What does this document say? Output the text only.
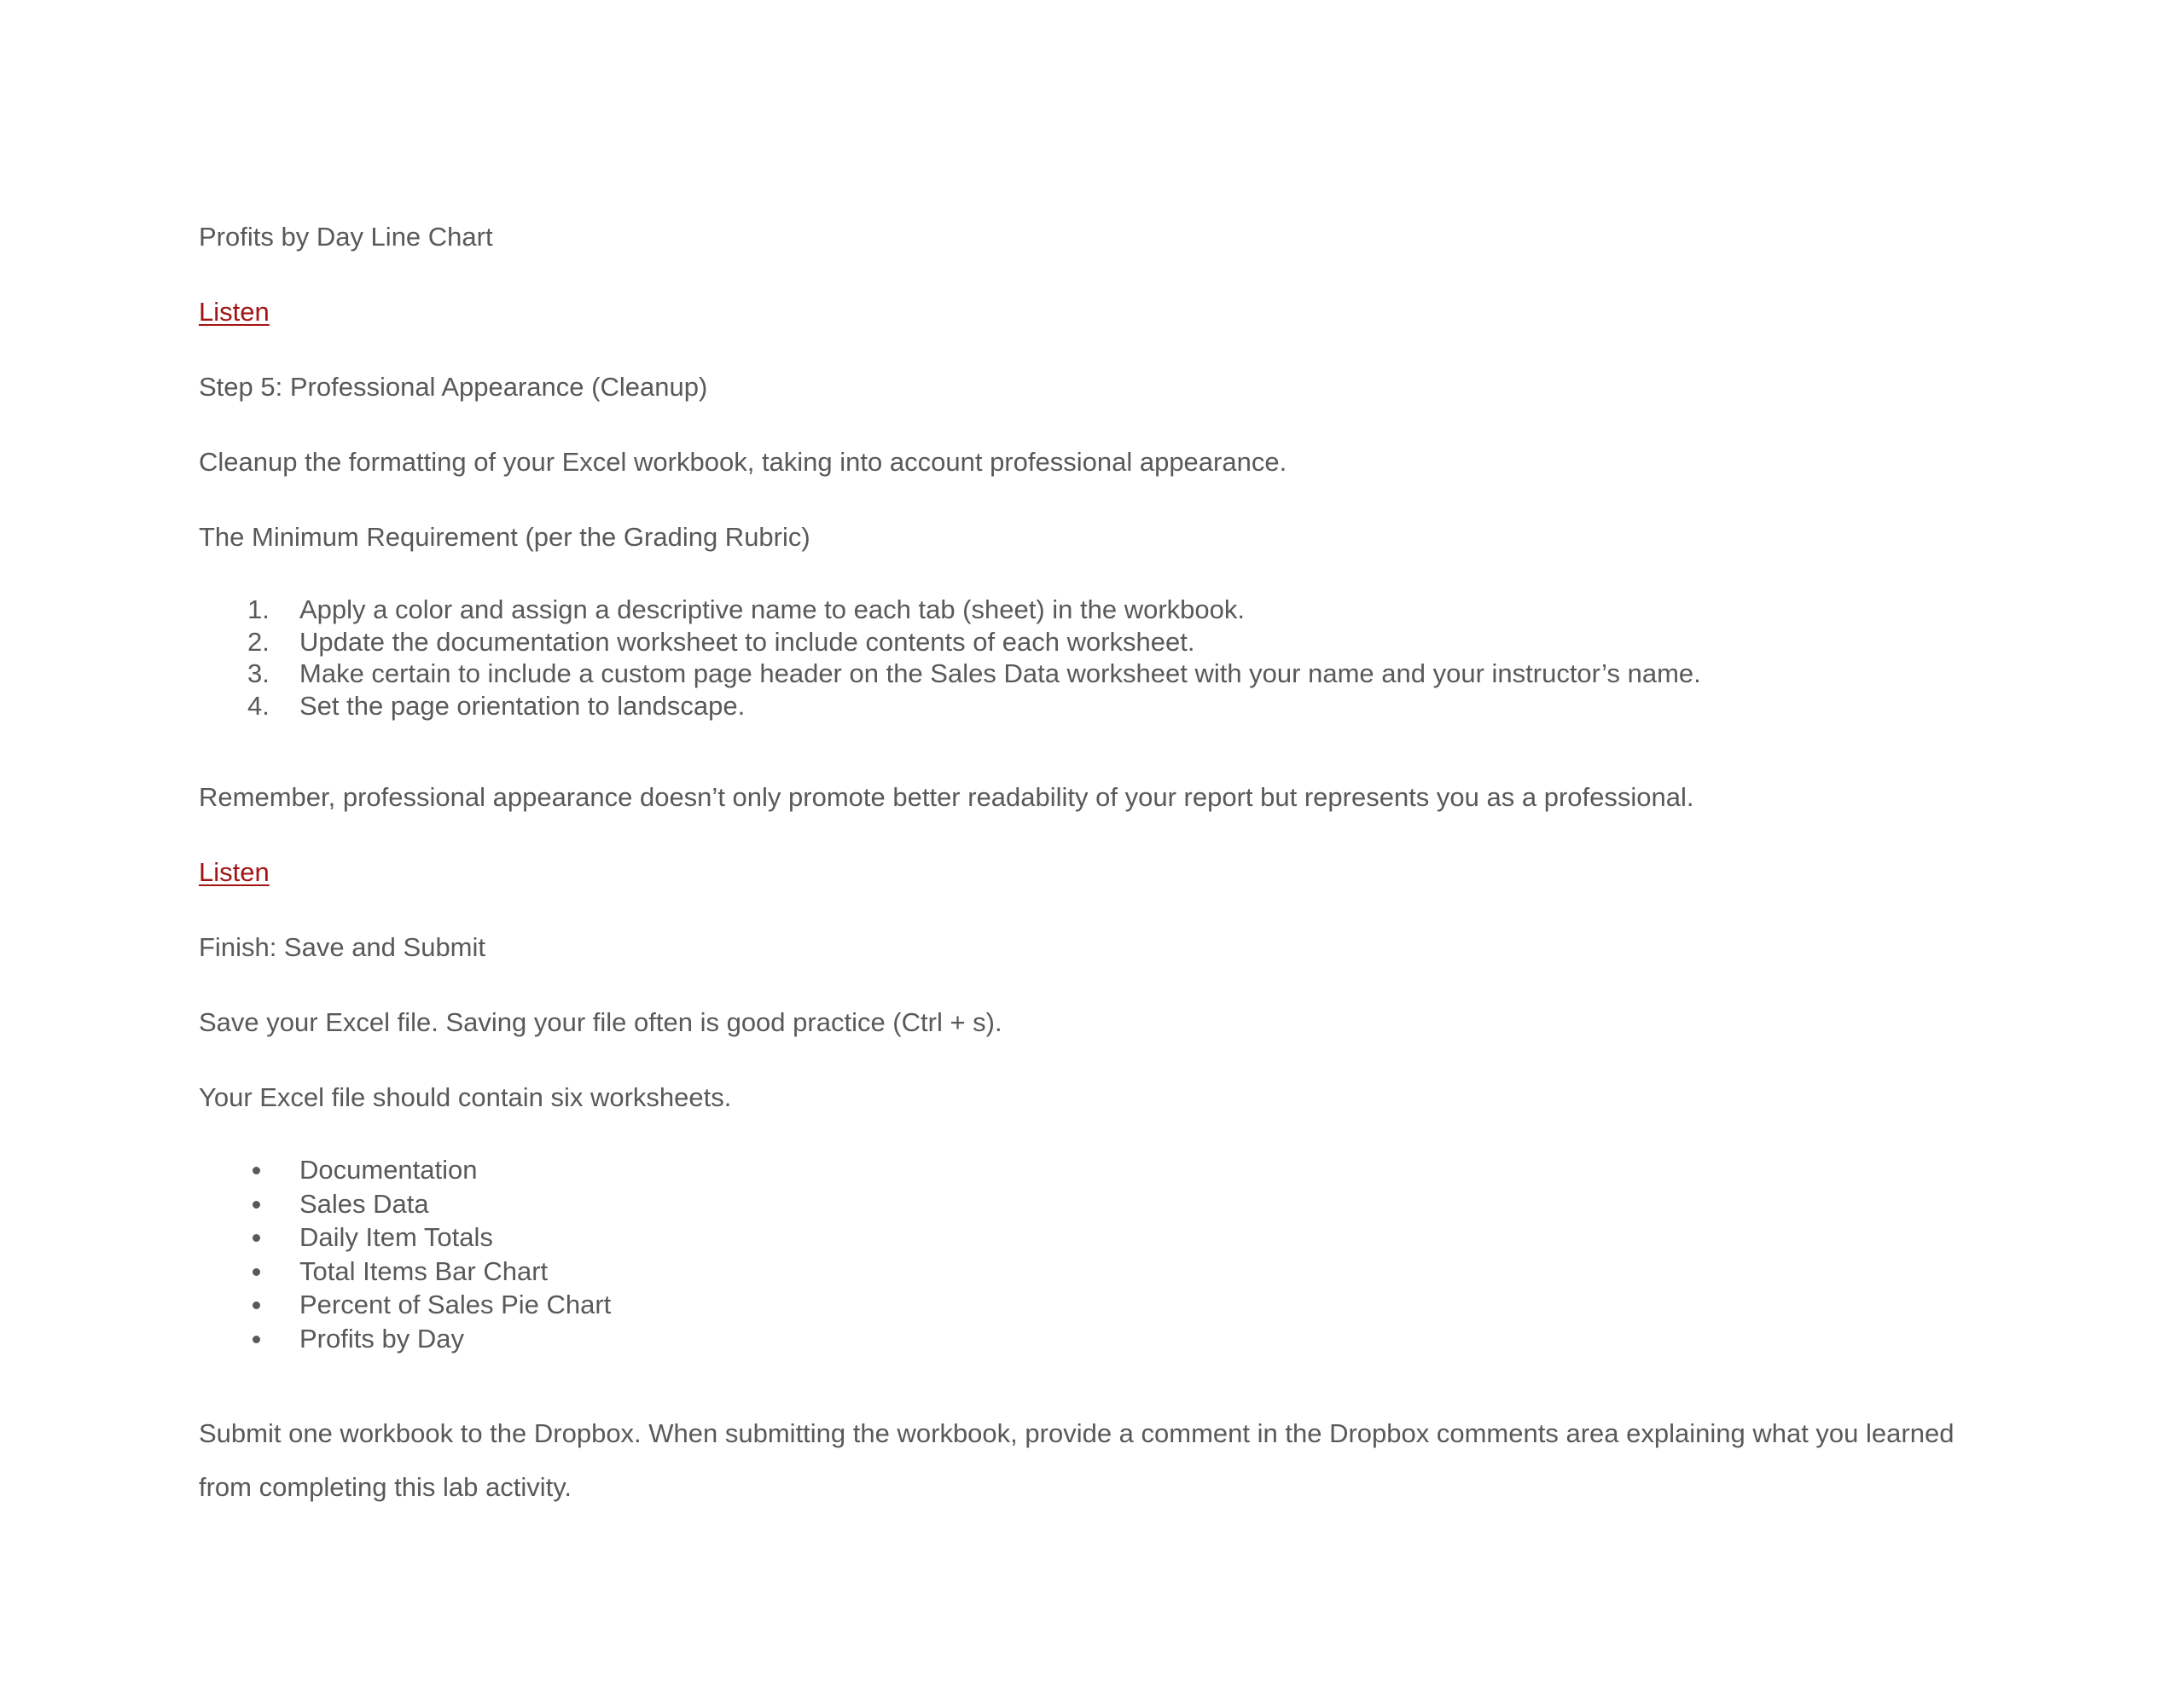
Profits by Day Line Chart

Listen

Step 5: Professional Appearance (Cleanup)

Cleanup the formatting of your Excel workbook, taking into account professional appearance.

The Minimum Requirement (per the Grading Rubric)

1. Apply a color and assign a descriptive name to each tab (sheet) in the workbook.
2. Update the documentation worksheet to include contents of each worksheet.
3. Make certain to include a custom page header on the Sales Data worksheet with your name and your instructor’s name.
4. Set the page orientation to landscape.

Remember, professional appearance doesn’t only promote better readability of your report but represents you as a professional.

Listen

Finish: Save and Submit

Save your Excel file. Saving your file often is good practice (Ctrl + s).

Your Excel file should contain six worksheets.

Documentation
Sales Data
Daily Item Totals
Total Items Bar Chart
Percent of Sales Pie Chart
Profits by Day

Submit one workbook to the Dropbox. When submitting the workbook, provide a comment in the Dropbox comments area explaining what you learned from completing this lab activity.
